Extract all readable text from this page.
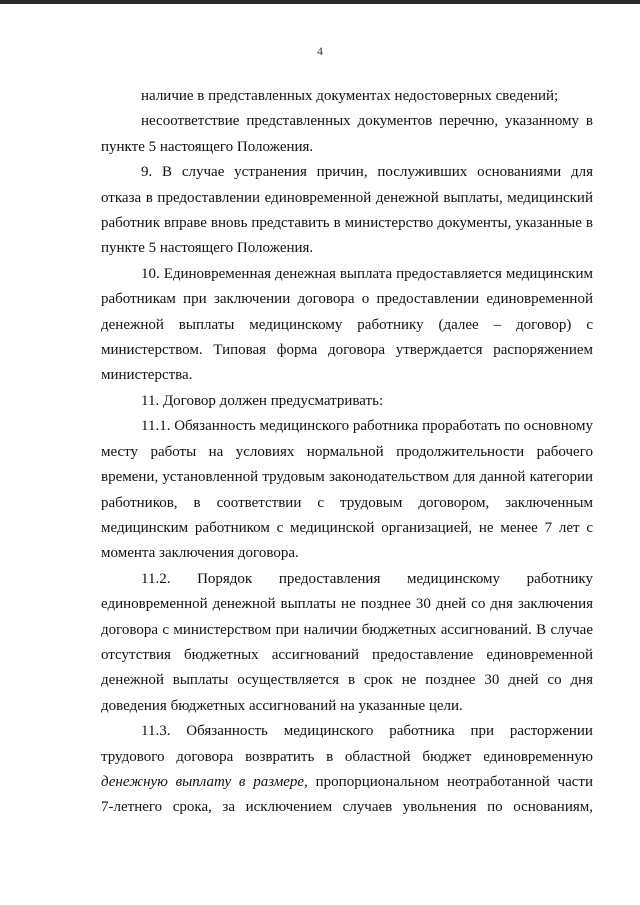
4

наличие в представленных документах недостоверных сведений;

несоответствие представленных документов перечню, указанному в пункте 5 настоящего Положения.

9. В случае устранения причин, послуживших основаниями для отказа в предоставлении единовременной денежной выплаты, медицинский работник вправе вновь представить в министерство документы, указанные в пункте 5 настоящего Положения.

10. Единовременная денежная выплата предоставляется медицинским работникам при заключении договора о предоставлении единовременной денежной выплаты медицинскому работнику (далее – договор) с министерством. Типовая форма договора утверждается распоряжением министерства.

11. Договор должен предусматривать:

11.1. Обязанность медицинского работника проработать по основному месту работы на условиях нормальной продолжительности рабочего времени, установленной трудовым законодательством для данной категории работников, в соответствии с трудовым договором, заключенным медицинским работником с медицинской организацией, не менее 7 лет с момента заключения договора.

11.2. Порядок предоставления медицинскому работнику

единовременной денежной выплаты не позднее 30 дней со дня заключения договора с министерством при наличии бюджетных ассигнований. В случае отсутствия бюджетных ассигнований предоставление единовременной денежной выплаты осуществляется в срок не позднее 30 дней со дня доведения бюджетных ассигнований на указанные цели.

11.3. Обязанность медицинского работника при расторжении

трудового договора возвратить в областной бюджет единовременную

денежную выплату в размере, пропорциональном неотработанной части

7-летнего срока, за исключением случаев увольнения по основаниям,
